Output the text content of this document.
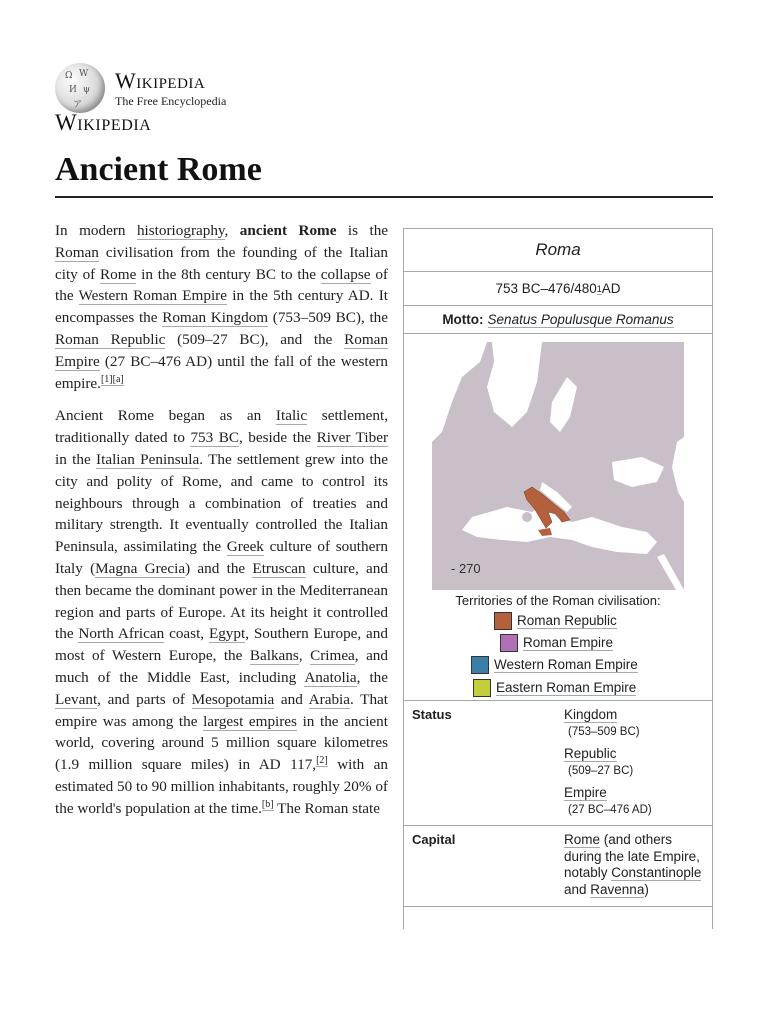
Ω W
И ψ
ア
Wikipedia
The Free Encyclopedia
Wikipedia
Ancient Rome

In modern historiography, ancient Rome is the Roman civilisation from the founding of the Italian city of Rome in the 8th century BC to the collapse of the Western Roman Empire in the 5th century AD. It encompasses the Roman Kingdom (753–509 BC), the Roman Republic (509–27 BC), and the Roman Empire (27 BC–476 AD) until the fall of the western empire.[1][a]

Ancient Rome began as an Italic settlement, traditionally dated to 753 BC, beside the River Tiber in the Italian Peninsula. The settlement grew into the city and polity of Rome, and came to control its neighbours through a combination of treaties and military strength. It eventually controlled the Italian Peninsula, assimilating the Greek culture of southern Italy (Magna Grecia) and the Etruscan culture, and then became the dominant power in the Mediterranean region and parts of Europe. At its height it controlled the North African coast, Egypt, Southern Europe, and most of Western Europe, the Balkans, Crimea, and much of the Middle East, including Anatolia, the Levant, and parts of Mesopotamia and Arabia. That empire was among the largest empires in the ancient world, covering around 5 million square kilometres (1.9 million square miles) in AD 117,[2] with an estimated 50 to 90 million inhabitants, roughly 20% of the world's population at the time.[b] The Roman state

Roma
753 BC–476/480 1 AD
Motto: Senatus Populusque Romanus
- 270
Territories of the Roman civilisation:
Roman Republic
Roman Empire
Western Roman Empire
Eastern Roman Empire
Status	Kingdom
(753–509 BC)
Republic
(509–27 BC)
Empire
(27 BC–476 AD)
Capital	Rome (and others during the late Empire, notably Constantinople and Ravenna)
